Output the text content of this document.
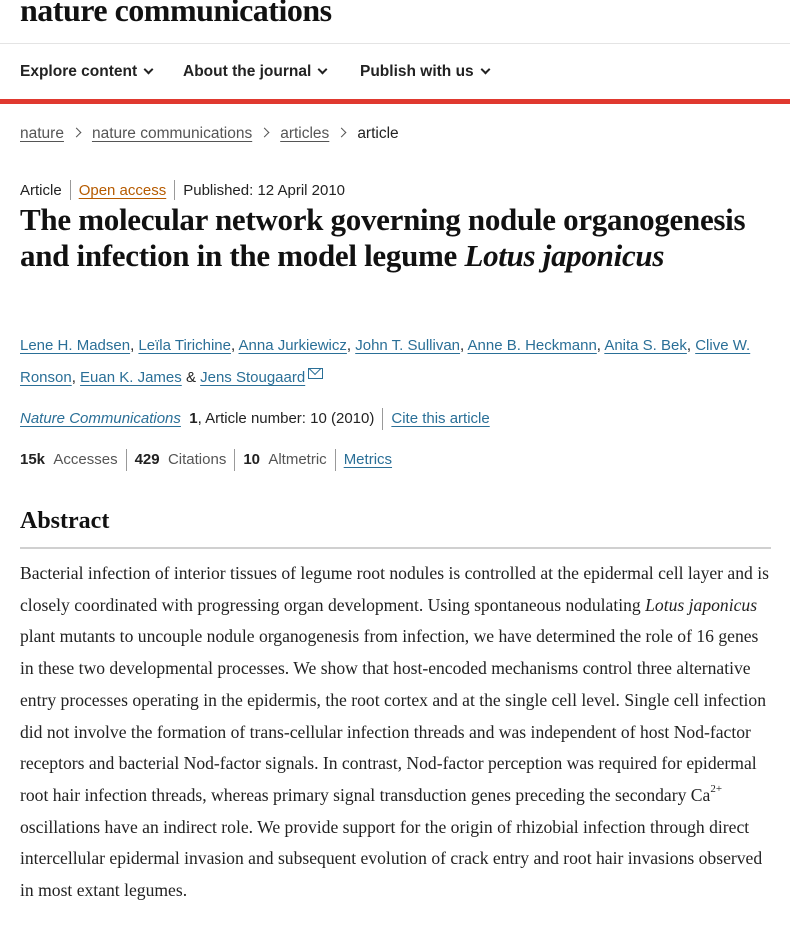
nature communications
Explore content	About the journal	Publish with us
nature nature communications articles article
Article Open access Published: 12 April 2010
The molecular network governing nodule organogenesis and infection in the model legume Lotus japonicus
Lene H. Madsen, Leïla Tirichine, Anna Jurkiewicz, John T. Sullivan, Anne B. Heckmann, Anita S. Bek, Clive W. Ronson, Euan K. James & Jens Stougaard
Nature Communications 1, Article number: 10 (2010) Cite this article
15k Accesses 429 Citations 10 Altmetric Metrics
Abstract

Bacterial infection of interior tissues of legume root nodules is controlled at the epidermal cell layer and is closely coordinated with progressing organ development. Using spontaneous nodulating Lotus japonicus plant mutants to uncouple nodule organogenesis from infection, we have determined the role of 16 genes in these two developmental processes. We show that host-encoded mechanisms control three alternative entry processes operating in the epidermis, the root cortex and at the single cell level. Single cell infection did not involve the formation of trans-cellular infection threads and was independent of host Nod-factor receptors and bacterial Nod-factor signals. In contrast, Nod-factor perception was required for epidermal root hair infection threads, whereas primary signal transduction genes preceding the secondary $Ca^{2+}$ oscillations have an indirect role. We provide support for the origin of rhizobial infection through direct intercellular epidermal invasion and subsequent evolution of crack entry and root hair invasions observed in most extant legumes.
